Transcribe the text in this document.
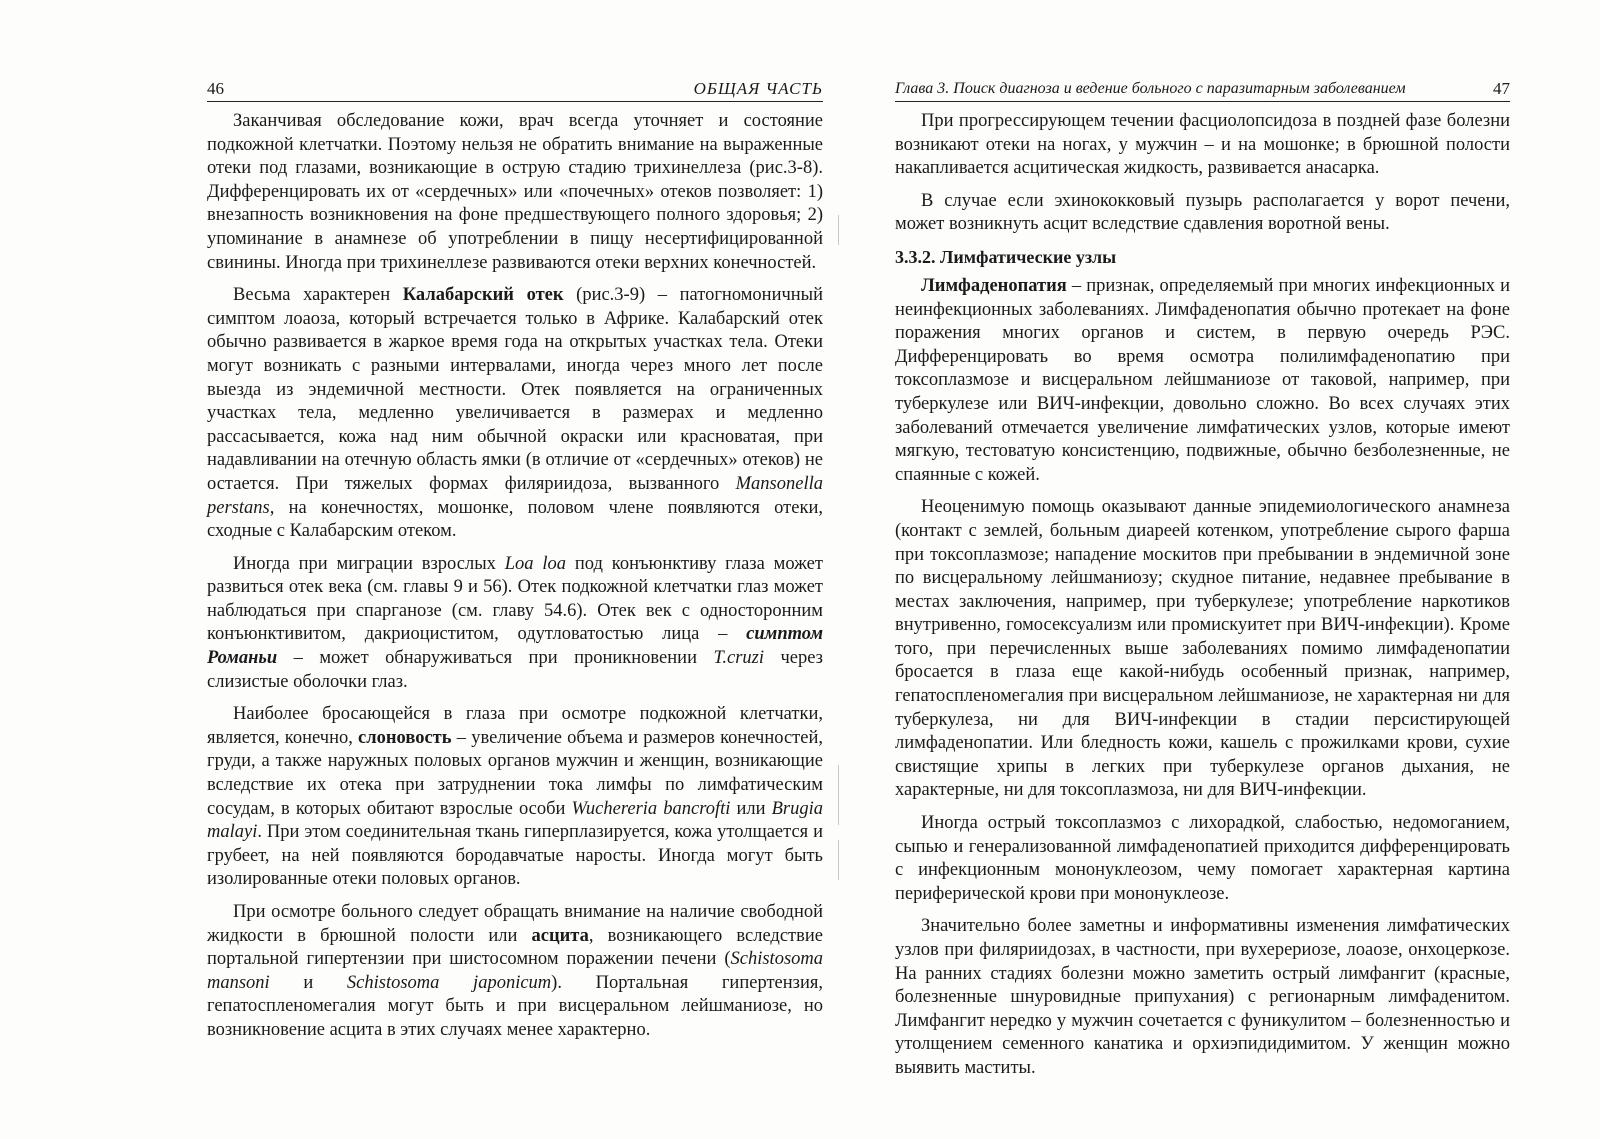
46	ОБЩАЯ ЧАСТЬ

Заканчивая обследование кожи, врач всегда уточняет и состояние подкожной клетчатки. Поэтому нельзя не обратить внимание на выраженные отеки под глазами, возникающие в острую стадию трихинеллеза (рис.3-8). Дифференцировать их от «сердечных» или «почечных» отеков позволяет: 1) внезапность возникновения на фоне предшествующего полного здоровья; 2) упоминание в анамнезе об употреблении в пищу несертифицированной свинины. Иногда при трихинеллезе развиваются отеки верхних конечностей.

Весьма характерен Калабарский отек (рис.3-9) – патогномоничный симптом лоаоза, который встречается только в Африке. Калабарский отек обычно развивается в жаркое время года на открытых участках тела. Отеки могут возникать с разными интервалами, иногда через много лет после выезда из эндемичной местности. Отек появляется на ограниченных участках тела, медленно увеличивается в размерах и медленно рассасывается, кожа над ним обычной окраски или красноватая, при надавливании на отечную область ямки (в отличие от «сердечных» отеков) не остается. При тяжелых формах филяриидоза, вызванного Mansonella perstans, на конечностях, мошонке, половом члене появляются отеки, сходные с Калабарским отеком.

Иногда при миграции взрослых Loa loa под конъюнктиву глаза может развиться отек века (см. главы 9 и 56). Отек подкожной клетчатки глаз может наблюдаться при спарганозе (см. главу 54.6). Отек век с односторонним конъюнктивитом, дакриоциститом, одутловатостью лица – симптом Романьи – может обнаруживаться при проникновении T.cruzi через слизистые оболочки глаз.

Наиболее бросающейся в глаза при осмотре подкожной клетчатки, является, конечно, слоновость – увеличение объема и размеров конечностей, груди, а также наружных половых органов мужчин и женщин, возникающие вследствие их отека при затруднении тока лимфы по лимфатическим сосудам, в которых обитают взрослые особи Wuchereria bancrofti или Brugia malayi. При этом соединительная ткань гиперплазируется, кожа утолщается и грубеет, на ней появляются бородавчатые наросты. Иногда могут быть изолированные отеки половых органов.

При осмотре больного следует обращать внимание на наличие свободной жидкости в брюшной полости или асцита, возникающего вследствие портальной гипертензии при шистосомном поражении печени (Schistosoma mansoni и Schistosoma japonicum). Портальная гипертензия, гепатоспленомегалия могут быть и при висцеральном лейшманиозе, но возникновение асцита в этих случаях менее характерно.

Глава 3. Поиск диагноза и ведение больного с паразитарным заболеванием	47

При прогрессирующем течении фасциолопсидоза в поздней фазе болезни возникают отеки на ногах, у мужчин – и на мошонке; в брюшной полости накапливается асцитическая жидкость, развивается анасарка.

В случае если эхинококковый пузырь располагается у ворот печени, может возникнуть асцит вследствие сдавления воротной вены.

3.3.2. Лимфатические узлы

Лимфаденопатия – признак, определяемый при многих инфекционных и неинфекционных заболеваниях. Лимфаденопатия обычно протекает на фоне поражения многих органов и систем, в первую очередь РЭС. Дифференцировать во время осмотра полилимфаденопатию при токсоплазмозе и висцеральном лейшманиозе от таковой, например, при туберкулезе или ВИЧ-инфекции, довольно сложно. Во всех случаях этих заболеваний отмечается увеличение лимфатических узлов, которые имеют мягкую, тестоватую консистенцию, подвижные, обычно безболезненные, не спаянные с кожей.

Неоценимую помощь оказывают данные эпидемиологического анамнеза (контакт с землей, больным диареей котенком, употребление сырого фарша при токсоплазмозе; нападение москитов при пребывании в эндемичной зоне по висцеральному лейшманиозу; скудное питание, недавнее пребывание в местах заключения, например, при туберкулезе; употребление наркотиков внутривенно, гомосексуализм или промискуитет при ВИЧ-инфекции). Кроме того, при перечисленных выше заболеваниях помимо лимфаденопатии бросается в глаза еще какой-нибудь особенный признак, например, гепатоспленомегалия при висцеральном лейшманиозе, не характерная ни для туберкулеза, ни для ВИЧ-инфекции в стадии персистирующей лимфаденопатии. Или бледность кожи, кашель с прожилками крови, сухие свистящие хрипы в легких при туберкулезе органов дыхания, не характерные, ни для токсоплазмоза, ни для ВИЧ-инфекции.

Иногда острый токсоплазмоз с лихорадкой, слабостью, недомоганием, сыпью и генерализованной лимфаденопатией приходится дифференцировать с инфекционным мононуклеозом, чему помогает характерная картина периферической крови при мононуклеозе.

Значительно более заметны и информативны изменения лимфатических узлов при филяриидозах, в частности, при вухерериозе, лоаозе, онхоцеркозе. На ранних стадиях болезни можно заметить острый лимфангит (красные, болезненные шнуровидные припухания) с регионарным лимфаденитом. Лимфангит нередко у мужчин сочетается с фуникулитом – болезненностью и утолщением семенного канатика и орхиэпидидимитом. У женщин можно выявить маститы.
